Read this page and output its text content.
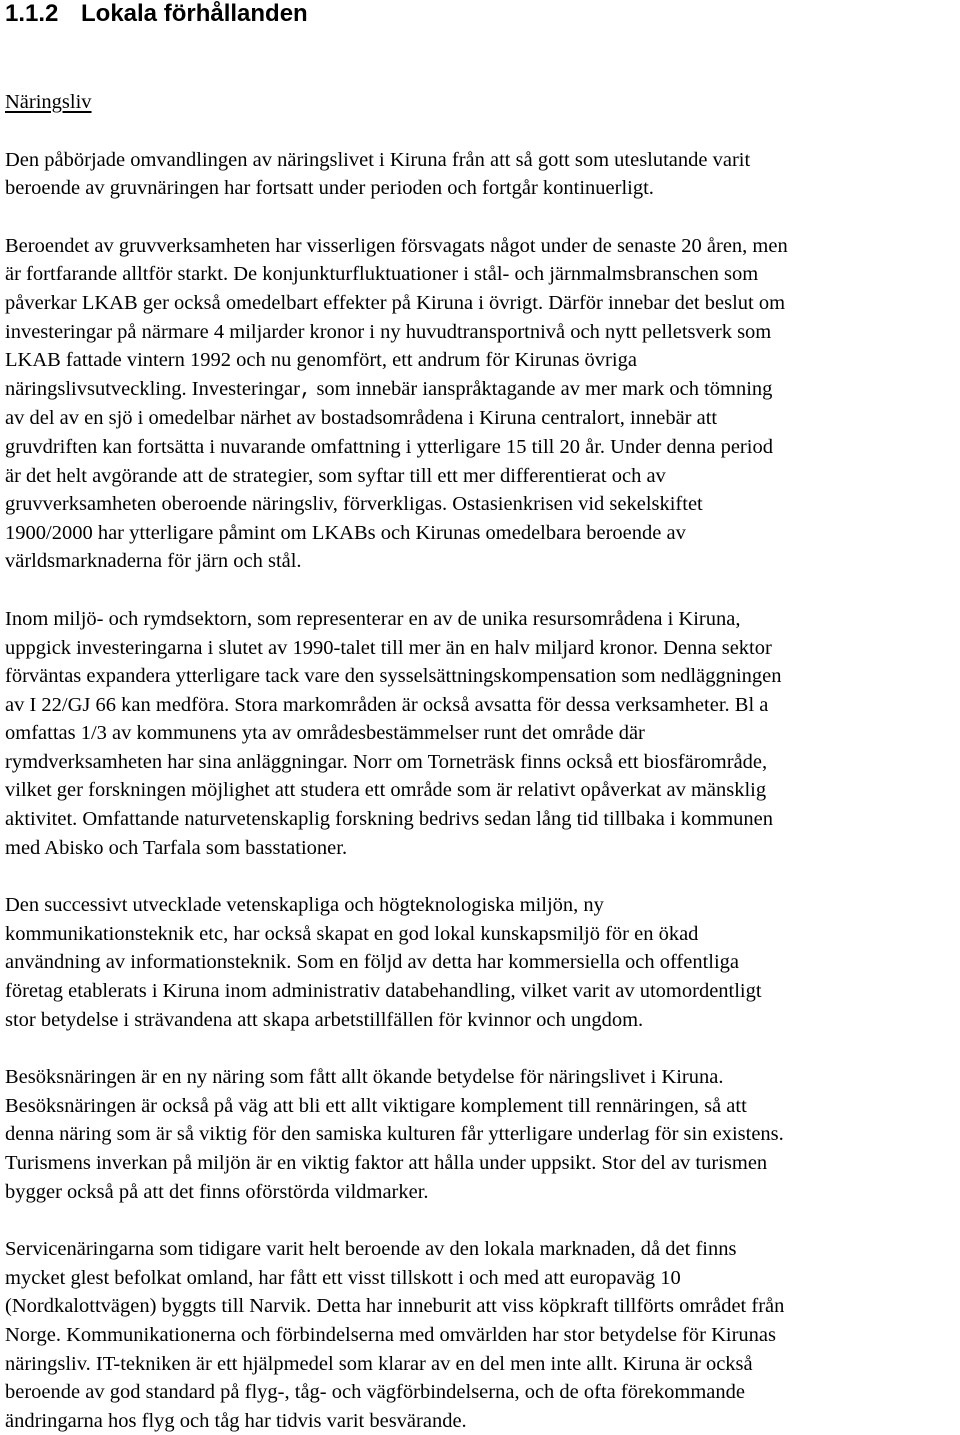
1.1.2 Lokala förhållanden
Näringsliv

Den påbörjade omvandlingen av näringslivet i Kiruna från att så gott som uteslutande varit
beroende av gruvnäringen har fortsatt under perioden och fortgår kontinuerligt.

Beroendet av gruvverksamheten har visserligen försvagats något under de senaste 20 åren, men
är fortfarande alltför starkt. De konjunkturfluktuationer i stål- och järnmalmsbranschen som
påverkar LKAB ger också omedelbart effekter på Kiruna i övrigt. Därför innebar det beslut om
investeringar på närmare 4 miljarder kronor i ny huvudtransportnivå och nytt pelletsverk som
LKAB fattade vintern 1992 och nu genomfört, ett andrum för Kirunas övriga
näringslivsutveckling. Investeringar, som innebär ianspråktagande av mer mark och tömning
av del av en sjö i omedelbar närhet av bostadsområdena i Kiruna centralort, innebär att
gruvdriften kan fortsätta i nuvarande omfattning i ytterligare 15 till 20 år. Under denna period
är det helt avgörande att de strategier, som syftar till ett mer differentierat och av
gruvverksamheten oberoende näringsliv, förverkligas. Ostasienkrisen vid sekelskiftet
1900/2000 har ytterligare påmint om LKABs och Kirunas omedelbara beroende av
världsmarknaderna för järn och stål.

Inom miljö- och rymdsektorn, som representerar en av de unika resursområdena i Kiruna,
uppgick investeringarna i slutet av 1990-talet till mer än en halv miljard kronor. Denna sektor
förväntas expandera ytterligare tack vare den sysselsättningskompensation som nedläggningen
av I 22/GJ 66 kan medföra. Stora markområden är också avsatta för dessa verksamheter. Bl a
omfattas 1/3 av kommunens yta av områdesbestämmelser runt det område där
rymdverksamheten har sina anläggningar. Norr om Torneträsk finns också ett biosfärområde,
vilket ger forskningen möjlighet att studera ett område som är relativt opåverkat av mänsklig
aktivitet. Omfattande naturvetenskaplig forskning bedrivs sedan lång tid tillbaka i kommunen
med Abisko och Tarfala som basstationer.

Den successivt utvecklade vetenskapliga och högteknologiska miljön, ny
kommunikationsteknik etc, har också skapat en god lokal kunskapsmiljö för en ökad
användning av informationsteknik. Som en följd av detta har kommersiella och offentliga
företag etablerats i Kiruna inom administrativ databehandling, vilket varit av utomordentligt
stor betydelse i strävandena att skapa arbetstillfällen för kvinnor och ungdom.

Besöksnäringen är en ny näring som fått allt ökande betydelse för näringslivet i Kiruna.
Besöksnäringen är också på väg att bli ett allt viktigare komplement till rennäringen, så att
denna näring som är så viktig för den samiska kulturen får ytterligare underlag för sin existens.
Turismens inverkan på miljön är en viktig faktor att hålla under uppsikt. Stor del av turismen
bygger också på att det finns oförstörda vildmarker.

Servicenäringarna som tidigare varit helt beroende av den lokala marknaden, då det finns
mycket glest befolkat omland, har fått ett visst tillskott i och med att europaväg 10
(Nordkalottvägen) byggts till Narvik. Detta har inneburit att viss köpkraft tillförts området från
Norge. Kommunikationerna och förbindelserna med omvärlden har stor betydelse för Kirunas
näringsliv. IT-tekniken är ett hjälpmedel som klarar av en del men inte allt. Kiruna är också
beroende av god standard på flyg-, tåg- och vägförbindelserna, och de ofta förekommande
ändringarna hos flyg och tåg har tidvis varit besvärande.
